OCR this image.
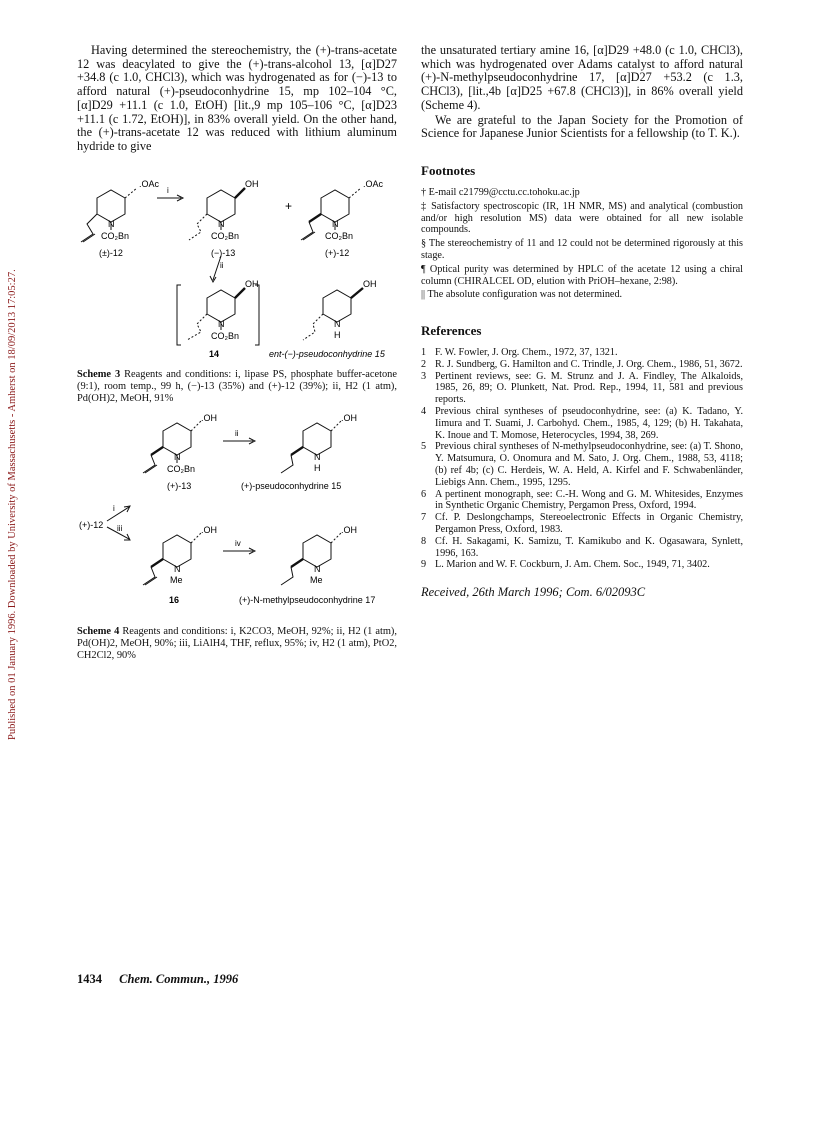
Published on 01 January 1996. Downloaded by University of Massachusetts - Amherst on 18/09/2013 17:05:27.

Having determined the stereochemistry, the (+)-trans-acetate 12 was deacylated to give the (+)-trans-alcohol 13, [α]D27 +34.8 (c 1.0, CHCl3), which was hydrogenated as for (−)-13 to afford natural (+)-pseudoconhydrine 15, mp 102–104 °C, [α]D29 +11.1 (c 1.0, EtOH) [lit.,9 mp 105–106 °C, [α]D23 +11.1 (c 1.72, EtOH)], in 83% overall yield. On the other hand, the (+)-trans-acetate 12 was reduced with lithium aluminum hydride to give

.OAc
N
CO₂Bn
(±)-12
i
OH
N
CO₂Bn
(−)-13
+
.OAc
N
CO₂Bn
(+)-12
ii
OH
N
CO₂Bn
14
OH
N
H
ent-(−)-pseudoconhydrine 15
Scheme 3 Reagents and conditions: i, lipase PS, phosphate buffer-acetone (9:1), room temp., 99 h, (−)-13 (35%) and (+)-12 (39%); ii, H2 (1 atm), Pd(OH)2, MeOH, 91%
.OH
N
CO₂Bn
(+)-13
ii
.OH
N
H
(+)-pseudoconhydrine 15
(+)-12
i
iii	.OH
N
Me
16
iv
.OH
N
Me
(+)-N-methylpseudoconhydrine 17
Scheme 4 Reagents and conditions: i, K2CO3, MeOH, 92%; ii, H2 (1 atm), Pd(OH)2, MeOH, 90%; iii, LiAlH4, THF, reflux, 95%; iv, H2 (1 atm), PtO2, CH2Cl2, 90%

the unsaturated tertiary amine 16, [α]D29 +48.0 (c 1.0, CHCl3), which was hydrogenated over Adams catalyst to afford natural (+)-N-methylpseudoconhydrine 17, [α]D27 +53.2 (c 1.3, CHCl3), [lit.,4b [α]D25 +67.8 (CHCl3)], in 86% overall yield (Scheme 4).

We are grateful to the Japan Society for the Promotion of Science for Japanese Junior Scientists for a fellowship (to T. K.).

Footnotes

† E-mail c21799@cctu.cc.tohoku.ac.jp

‡ Satisfactory spectroscopic (IR, 1H NMR, MS) and analytical (combustion and/or high resolution MS) data were obtained for all new isolable compounds.

§ The stereochemistry of 11 and 12 could not be determined rigorously at this stage.

¶ Optical purity was determined by HPLC of the acetate 12 using a chiral column (CHIRALCEL OD, elution with PriOH–hexane, 2:98).

|| The absolute configuration was not determined.

References
1 F. W. Fowler, J. Org. Chem., 1972, 37, 1321.
2 R. J. Sundberg, G. Hamilton and C. Trindle, J. Org. Chem., 1986, 51, 3672.
3 Pertinent reviews, see: G. M. Strunz and J. A. Findley, The Alkaloids, 1985, 26, 89; O. Plunkett, Nat. Prod. Rep., 1994, 11, 581 and previous reports.
4 Previous chiral syntheses of pseudoconhydrine, see: (a) K. Tadano, Y. Iimura and T. Suami, J. Carbohyd. Chem., 1985, 4, 129; (b) H. Takahata, K. Inoue and T. Momose, Heterocycles, 1994, 38, 269.
5 Previous chiral syntheses of N-methylpseudoconhydrine, see: (a) T. Shono, Y. Matsumura, O. Onomura and M. Sato, J. Org. Chem., 1988, 53, 4118; (b) ref 4b; (c) C. Herdeis, W. A. Held, A. Kirfel and F. Schwabenländer, Liebigs Ann. Chem., 1995, 1295.
6 A pertinent monograph, see: C.-H. Wong and G. M. Whitesides, Enzymes in Synthetic Organic Chemistry, Pergamon Press, Oxford, 1994.
7 Cf. P. Deslongchamps, Stereoelectronic Effects in Organic Chemistry, Pergamon Press, Oxford, 1983.
8 Cf. H. Sakagami, K. Samizu, T. Kamikubo and K. Ogasawara, Synlett, 1996, 163.
9 L. Marion and W. F. Cockburn, J. Am. Chem. Soc., 1949, 71, 3402.
Received, 26th March 1996; Com. 6/02093C
1434 Chem. Commun., 1996
